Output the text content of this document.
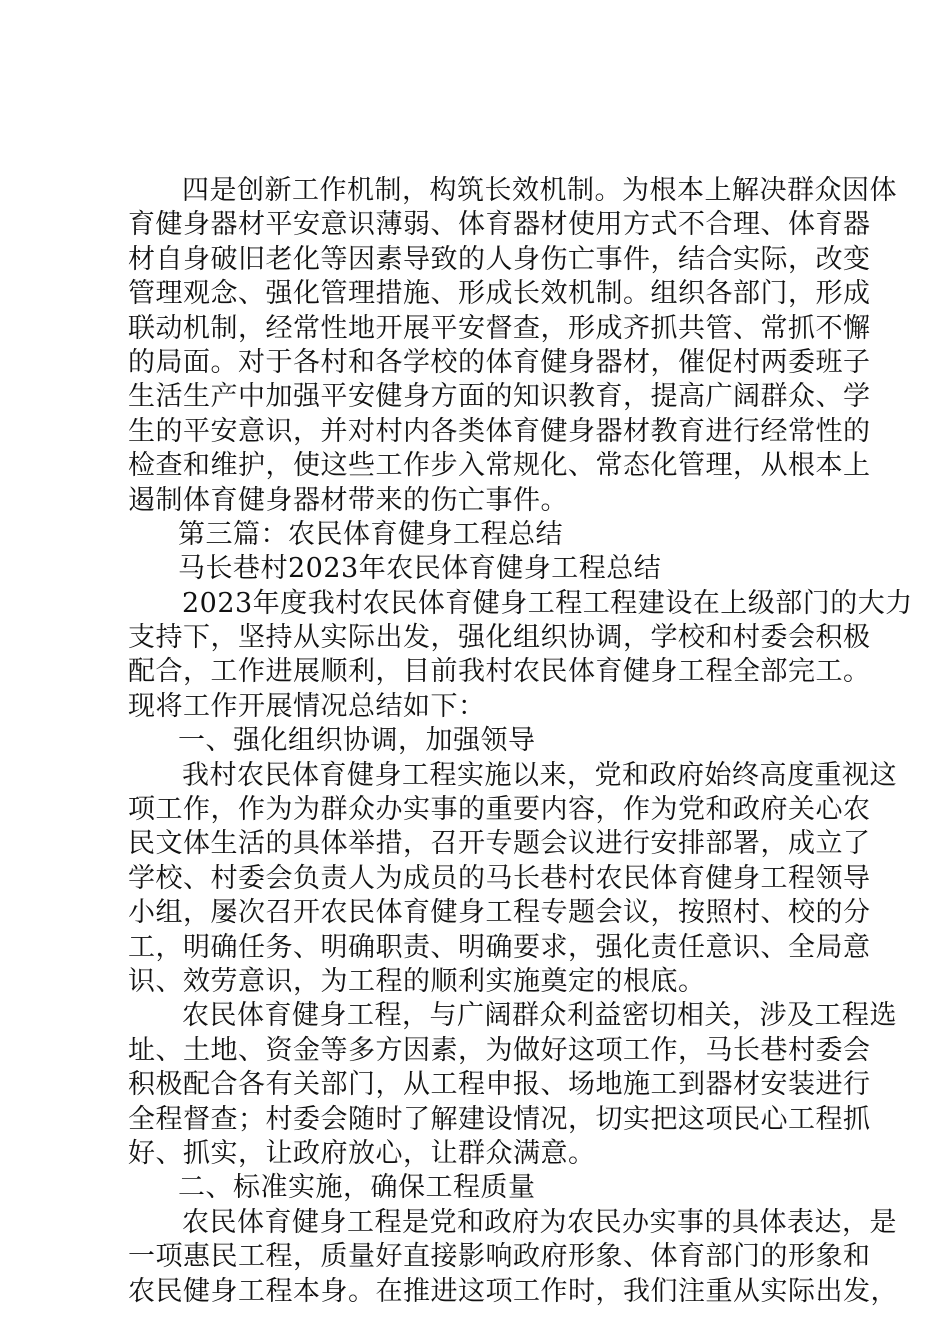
四是创新工作机制，构筑长效机制。为根本上解决群众因体
育健身器材平安意识薄弱、体育器材使用方式不合理、体育器
材自身破旧老化等因素导致的人身伤亡事件，结合实际，改变
管理观念、强化管理措施、形成长效机制。组织各部门，形成
联动机制，经常性地开展平安督查，形成齐抓共管、常抓不懈
的局面。对于各村和各学校的体育健身器材，催促村两委班子
生活生产中加强平安健身方面的知识教育，提高广阔群众、学
生的平安意识，并对村内各类体育健身器材教育进行经常性的
检查和维护，使这些工作步入常规化、常态化管理，从根本上
遏制体育健身器材带来的伤亡事件。
第三篇：农民体育健身工程总结
马长巷村2023年农民体育健身工程总结
2023年度我村农民体育健身工程工程建设在上级部门的大力
支持下，坚持从实际出发，强化组织协调，学校和村委会积极
配合，工作进展顺利，目前我村农民体育健身工程全部完工。
现将工作开展情况总结如下：
一、强化组织协调，加强领导
我村农民体育健身工程实施以来，党和政府始终高度重视这
项工作，作为为群众办实事的重要内容，作为党和政府关心农
民文体生活的具体举措，召开专题会议进行安排部署，成立了
学校、村委会负责人为成员的马长巷村农民体育健身工程领导
小组，屡次召开农民体育健身工程专题会议，按照村、校的分
工，明确任务、明确职责、明确要求，强化责任意识、全局意
识、效劳意识，为工程的顺利实施奠定的根底。
农民体育健身工程，与广阔群众利益密切相关，涉及工程选
址、土地、资金等多方因素，为做好这项工作，马长巷村委会
积极配合各有关部门，从工程申报、场地施工到器材安装进行
全程督查；村委会随时了解建设情况，切实把这项民心工程抓
好、抓实，让政府放心，让群众满意。
二、标准实施，确保工程质量
农民体育健身工程是党和政府为农民办实事的具体表达，是
一项惠民工程，质量好直接影响政府形象、体育部门的形象和
农民健身工程本身。在推进这项工作时，我们注重从实际出发，
